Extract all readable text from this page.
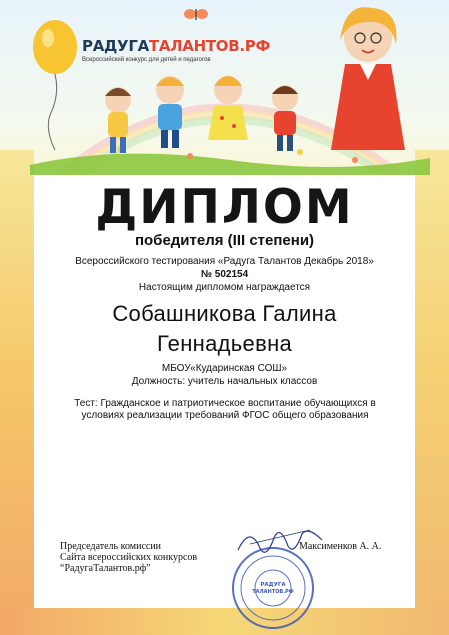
РАДУГАТАЛАНТОВ.РФ
Всероссийский конкурс для детей и педагогов
ДИПЛОМ
победителя (III степени)
Всероссийского тестирования «Радуга Талантов Декабрь 2018»
№ 502154
Настоящим дипломом награждается
Собашникова Галина
Геннадьевна
МБОУ«Кударинская СОШ»
Должность: учитель начальных классов
Тест: Гражданское и патриотическое воспитание обучающихся в условиях реализации требований ФГОС общего образования
Председатель комиссии
Сайта всероссийских конкурсов
“РадугаТалантов.рф”
РАДУГА
ТАЛАНТОВ.РФ
Максименков А. А.
